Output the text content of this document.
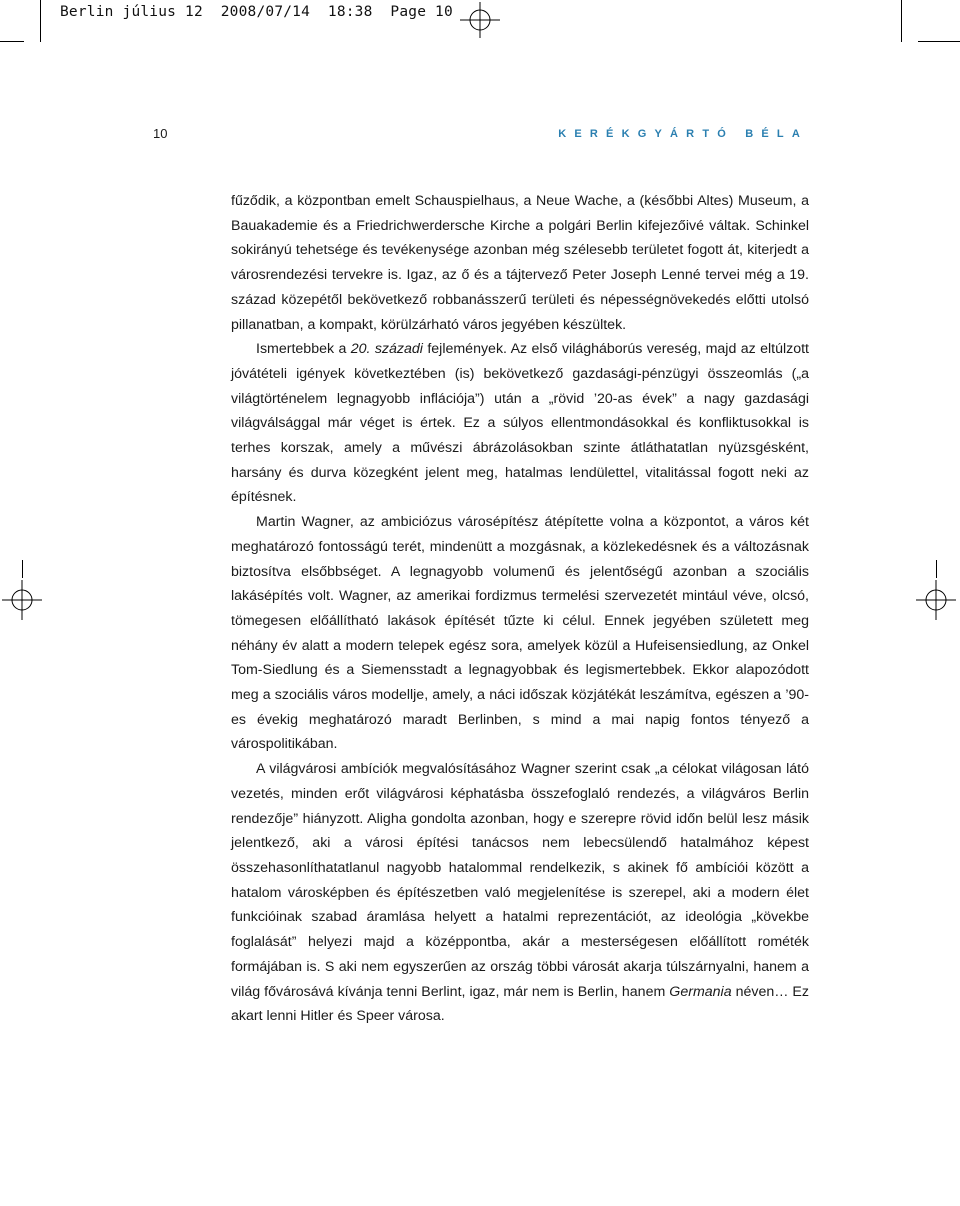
Berlin július 12  2008/07/14  18:38  Page 10
10	KERÉKGYÁRTÓ BÉLA

fűződik, a központban emelt Schauspielhaus, a Neue Wache, a (későbbi Altes) Museum, a Bauakademie és a Friedrichwerdersche Kirche a polgári Berlin kifejezőivé váltak. Schinkel sokirányú tehetsége és tevékenysége azonban még szélesebb területet fogott át, kiterjedt a városrendezési tervekre is. Igaz, az ő és a tájtervező Peter Joseph Lenné tervei még a 19. század közepétől bekövetkező robbanásszerű területi és népességnövekedés előtti utolsó pillanatban, a kompakt, körülzárható város jegyében készültek.

Ismertebbek a 20. századi fejlemények. Az első világháborús vereség, majd az eltúlzott jóvátételi igények következtében (is) bekövetkező gazdasági-pénzügyi összeomlás („a világtörténelem legnagyobb inflációja”) után a „rövid ’20-as évek” a nagy gazdasági világválsággal már véget is értek. Ez a súlyos ellentmondásokkal és konfliktusokkal is terhes korszak, amely a művészi ábrázolásokban szinte átláthatatlan nyüzsgésként, harsány és durva közegként jelent meg, hatalmas lendülettel, vitalitással fogott neki az építésnek.

Martin Wagner, az ambiciózus városépítész átépítette volna a központot, a város két meghatározó fontosságú terét, mindenütt a mozgásnak, a közlekedésnek és a változásnak biztosítva elsőbbséget. A legnagyobb volumenű és jelentőségű azonban a szociális lakásépítés volt. Wagner, az amerikai fordizmus termelési szervezetét mintául véve, olcsó, tömegesen előállítható lakások építését tűzte ki célul. Ennek jegyében született meg néhány év alatt a modern telepek egész sora, amelyek közül a Hufeisensiedlung, az Onkel Tom-Siedlung és a Siemensstadt a legnagyobbak és legismertebbek. Ekkor alapozódott meg a szociális város modellje, amely, a náci időszak közjátékát leszámítva, egészen a ’90-es évekig meghatározó maradt Berlinben, s mind a mai napig fontos tényező a várospolitikában.

A világvárosi ambíciók megvalósításához Wagner szerint csak „a célokat világosan látó vezetés, minden erőt világvárosi képhatásba összefoglaló rendezés, a világváros Berlin rendezője” hiányzott. Aligha gondolta azonban, hogy e szerepre rövid időn belül lesz másik jelentkező, aki a városi építési tanácsos nem lebecsülendő hatalmához képest összehasonlíthatatlanul nagyobb hatalommal rendelkezik, s akinek fő ambíciói között a hatalom városképben és építészetben való megjelenítése is szerepel, aki a modern élet funkcióinak szabad áramlása helyett a hatalmi reprezentációt, az ideológia „kövekbe foglalását” helyezi majd a középpontba, akár a mesterségesen előállított rométék formájában is. S aki nem egyszerűen az ország többi városát akarja túlszárnyalni, hanem a világ fővárosává kívánja tenni Berlint, igaz, már nem is Berlin, hanem Germania néven… Ez akart lenni Hitler és Speer városa.
